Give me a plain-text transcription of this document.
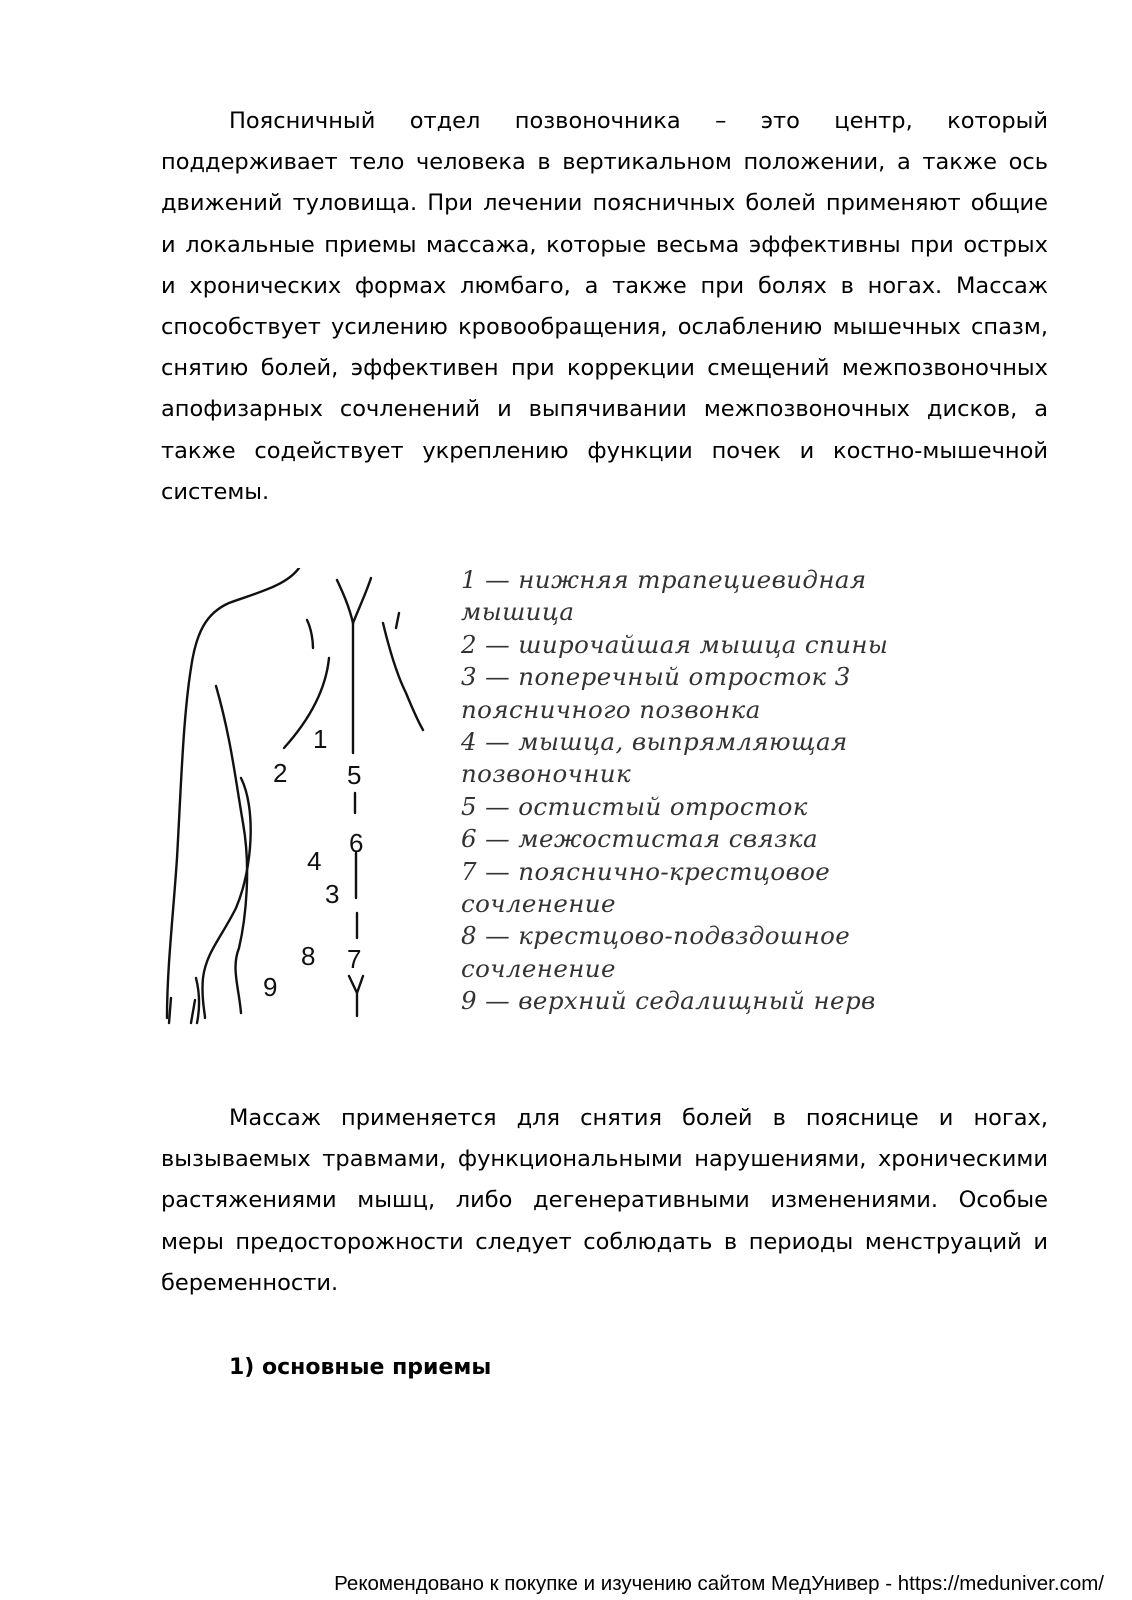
Поясничный отдел позвоночника – это центр, который поддерживает тело человека в вертикальном положении, а также ось движений туловища. При лечении поясничных болей применяют общие и локальные приемы массажа, которые весьма эффективны при острых и хронических формах люмбаго, а также при болях в ногах. Массаж способствует усилению кровообращения, ослаблению мышечных спазм, снятию болей, эффективен при коррекции смещений межпозвоночных апофизарных сочленений и выпячивании межпозвоночных дисков, а также содействует укреплению функции почек и костно-мышечной системы.

1
2
3
4
5
6
7
8
9
1 — нижняя трапециевидная мышица
2 — широчайшая мышца спины
3 — поперечный отросток 3 поясничного позвонка
4 — мышца, выпрямляющая позвоночник
5 — остистый отросток
6 — межостистая связка
7 — пояснично-крестцовое сочленение
8 — крестцово-подвздошное сочленение
9 — верхний седалищный нерв

Массаж применяется для снятия болей в пояснице и ногах, вызываемых травмами, функциональными нарушениями, хроническими растяжениями мышц, либо дегенеративными изменениями. Особые меры предосторожности следует соблюдать в периоды менструаций и беременности.

1) основные приемы

Рекомендовано к покупке и изучению сайтом МедУнивер - https://meduniver.com/
